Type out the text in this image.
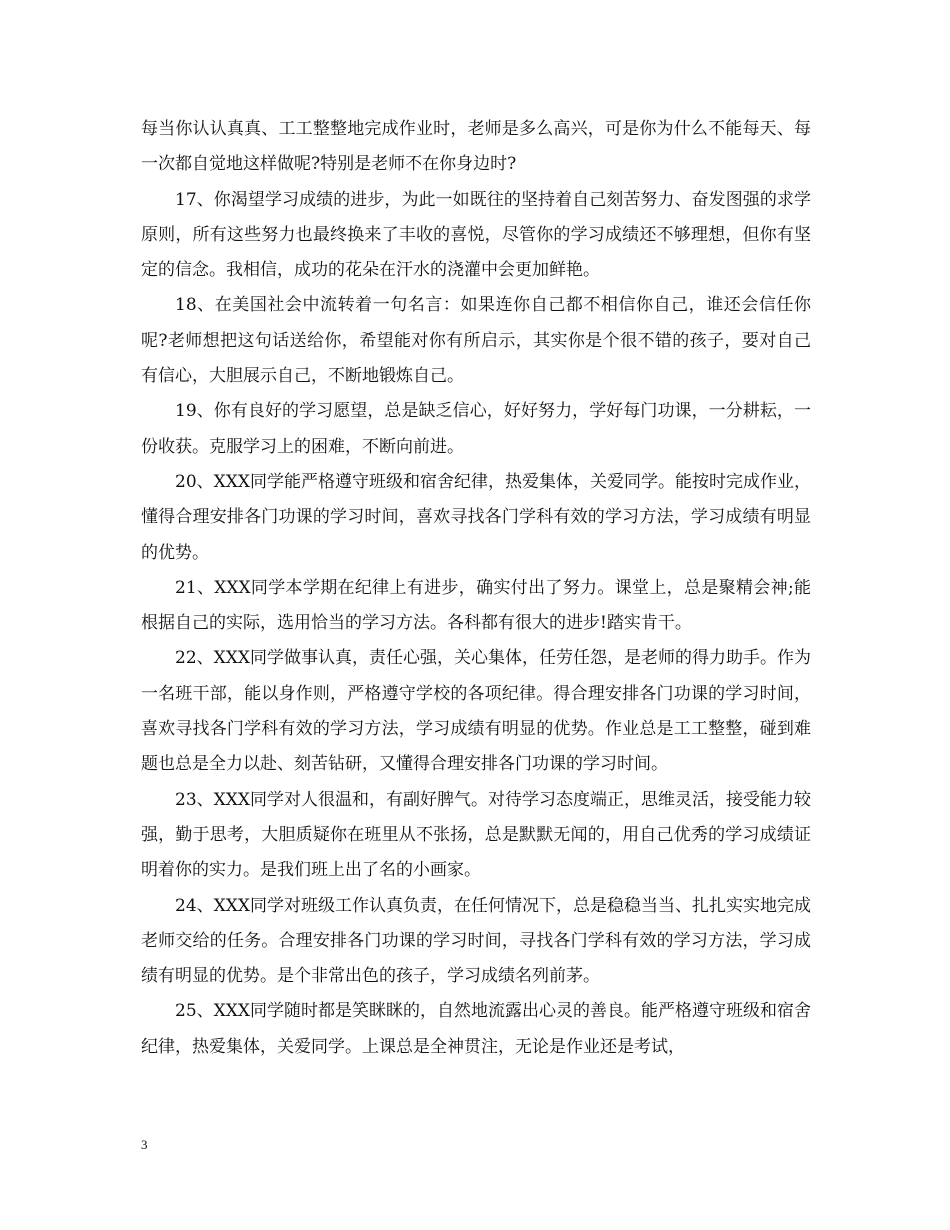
每当你认认真真、工工整整地完成作业时，老师是多么高兴，可是你为什么不能每天、每一次都自觉地这样做呢?特别是老师不在你身边时?

17、你渴望学习成绩的进步，为此一如既往的坚持着自己刻苦努力、奋发图强的求学原则，所有这些努力也最终换来了丰收的喜悦，尽管你的学习成绩还不够理想，但你有坚定的信念。我相信，成功的花朵在汗水的浇灌中会更加鲜艳。

18、在美国社会中流转着一句名言：如果连你自己都不相信你自己，谁还会信任你呢?老师想把这句话送给你，希望能对你有所启示，其实你是个很不错的孩子，要对自己有信心，大胆展示自己，不断地锻炼自己。

19、你有良好的学习愿望，总是缺乏信心，好好努力，学好每门功课，一分耕耘，一份收获。克服学习上的困难，不断向前进。

20、XXX同学能严格遵守班级和宿舍纪律，热爱集体，关爱同学。能按时完成作业，懂得合理安排各门功课的学习时间，喜欢寻找各门学科有效的学习方法，学习成绩有明显的优势。

21、XXX同学本学期在纪律上有进步，确实付出了努力。课堂上，总是聚精会神;能根据自己的实际，选用恰当的学习方法。各科都有很大的进步!踏实肯干。

22、XXX同学做事认真，责任心强，关心集体，任劳任怨，是老师的得力助手。作为一名班干部，能以身作则，严格遵守学校的各项纪律。得合理安排各门功课的学习时间，喜欢寻找各门学科有效的学习方法，学习成绩有明显的优势。作业总是工工整整，碰到难题也总是全力以赴、刻苦钻研，又懂得合理安排各门功课的学习时间。

23、XXX同学对人很温和，有副好脾气。对待学习态度端正，思维灵活，接受能力较强，勤于思考，大胆质疑你在班里从不张扬，总是默默无闻的，用自己优秀的学习成绩证明着你的实力。是我们班上出了名的小画家。

24、XXX同学对班级工作认真负责，在任何情况下，总是稳稳当当、扎扎实实地完成老师交给的任务。合理安排各门功课的学习时间，寻找各门学科有效的学习方法，学习成绩有明显的优势。是个非常出色的孩子，学习成绩名列前茅。

25、XXX同学随时都是笑眯眯的，自然地流露出心灵的善良。能严格遵守班级和宿舍纪律，热爱集体，关爱同学。上课总是全神贯注，无论是作业还是考试，

3
